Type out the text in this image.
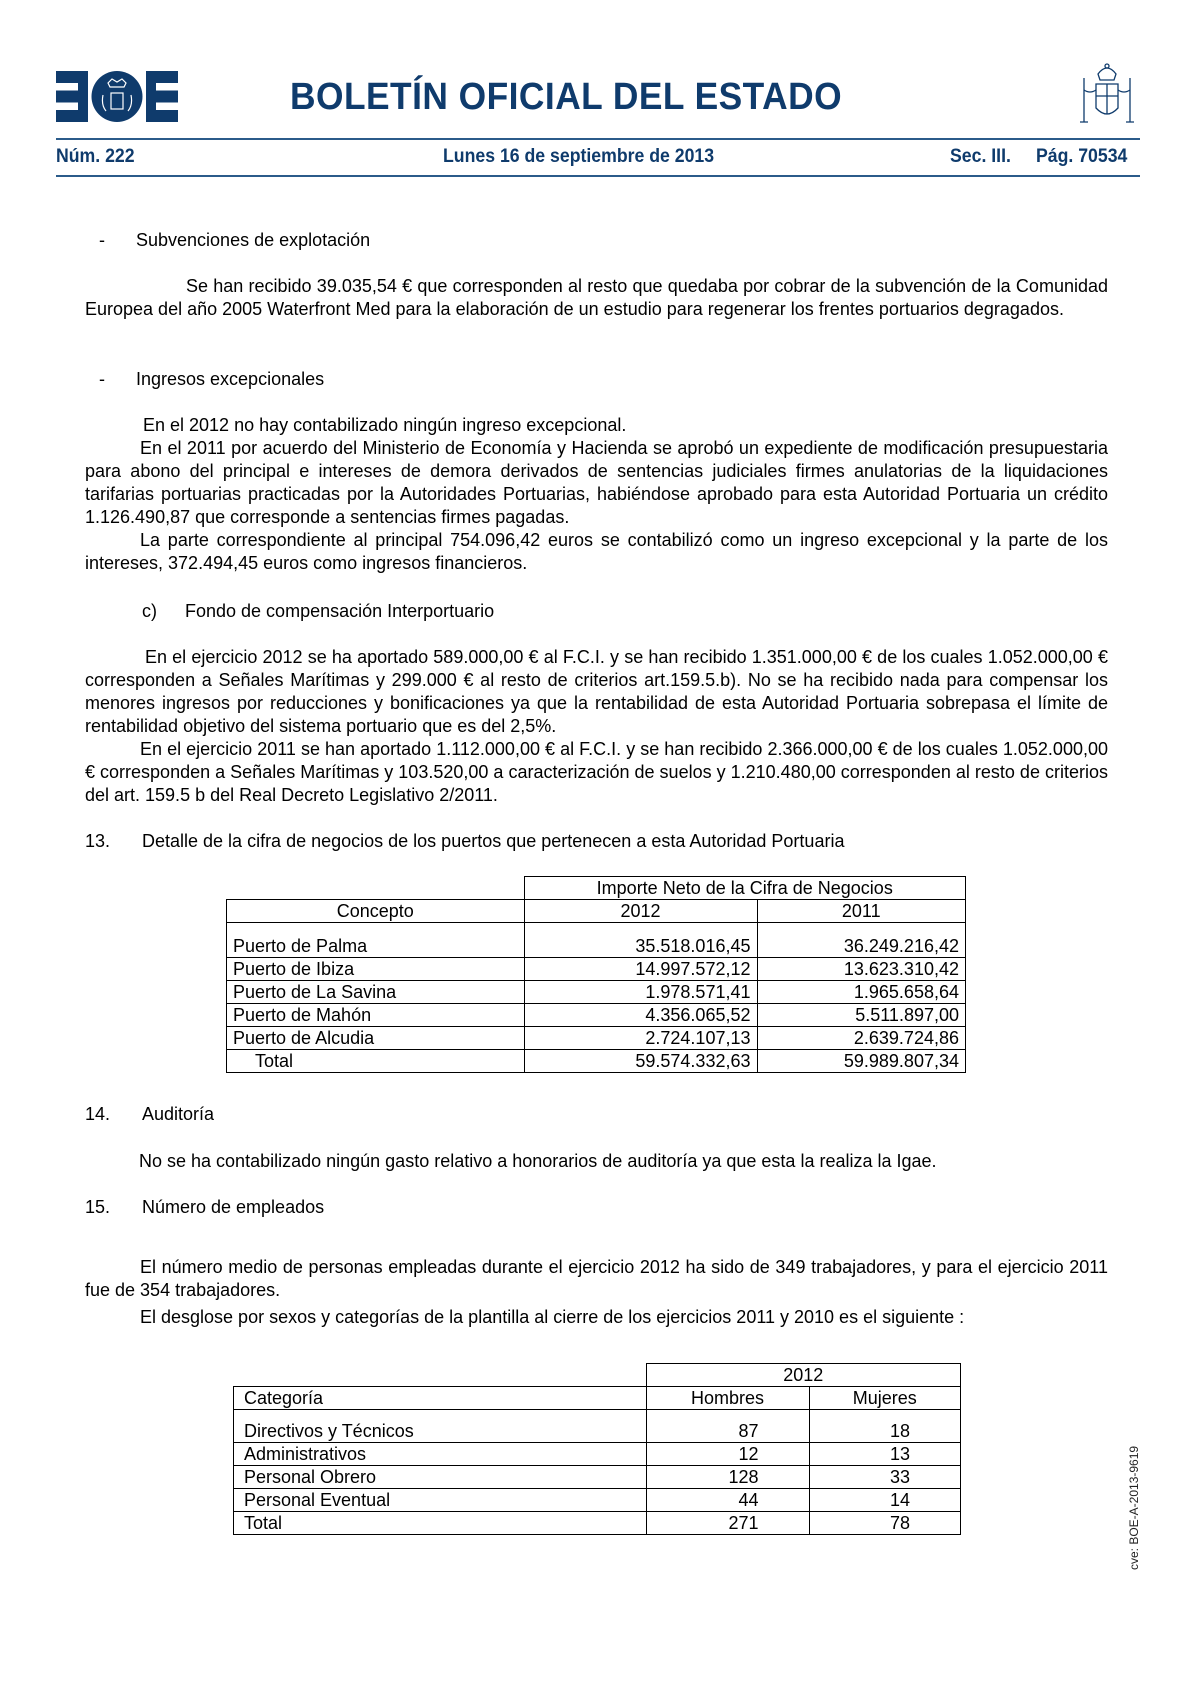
BOLETÍN OFICIAL DEL ESTADO
Núm. 222	Lunes 16 de septiembre de 2013	Sec. III. Pág. 70534
- Subvenciones de explotación

Se han recibido 39.035,54 € que corresponden al resto que quedaba por cobrar de la subvención de la Comunidad Europea del año 2005 Waterfront Med para la elaboración de un estudio para regenerar los frentes portuarios degragados.

- Ingresos excepcionales

En el 2012 no hay contabilizado ningún ingreso excepcional.

En el 2011 por acuerdo del Ministerio de Economía y Hacienda se aprobó un expediente de modificación presupuestaria para abono del principal e intereses de demora derivados de sentencias judiciales firmes anulatorias de la liquidaciones tarifarias portuarias practicadas por la Autoridades Portuarias, habiéndose aprobado para esta Autoridad Portuaria un crédito 1.126.490,87 que corresponde a sentencias firmes pagadas.

La parte correspondiente al principal 754.096,42 euros se contabilizó como un ingreso excepcional y la parte de los intereses, 372.494,45 euros como ingresos financieros.

c) Fondo de compensación Interportuario

En el ejercicio 2012 se ha aportado 589.000,00 € al F.C.I. y se han recibido 1.351.000,00 € de los cuales 1.052.000,00 € corresponden a Señales Marítimas y 299.000 € al resto de criterios art.159.5.b). No se ha recibido nada para compensar los menores ingresos por reducciones y bonificaciones ya que la rentabilidad de esta Autoridad Portuaria sobrepasa el límite de rentabilidad objetivo del sistema portuario que es del 2,5%.

En el ejercicio 2011 se han aportado 1.112.000,00 € al F.C.I. y se han recibido 2.366.000,00 € de los cuales 1.052.000,00 € corresponden a Señales Marítimas y 103.520,00 a caracterización de suelos y 1.210.480,00 corresponden al resto de criterios del art. 159.5 b del Real Decreto Legislativo 2/2011.

13. Detalle de la cifra de negocios de los puertos que pertenecen a esta Autoridad Portuaria
	Importe Neto de la Cifra de Negocios	
Concepto	2012	2011
Puerto de Palma	35.518.016,45	36.249.216,42
Puerto de Ibiza	14.997.572,12	13.623.310,42
Puerto de La Savina	1.978.571,41	1.965.658,64
Puerto de Mahón	4.356.065,52	5.511.897,00
Puerto de Alcudia	2.724.107,13	2.639.724,86
Total	59.574.332,63	59.989.807,34
14. Auditoría
No se ha contabilizado ningún gasto relativo a honorarios de auditoría ya que esta la realiza la Igae.
15. Número de empleados

El número medio de personas empleadas durante el ejercicio 2012 ha sido de 349 trabajadores, y para el ejercicio 2011 fue de 354 trabajadores.

El desglose por sexos y categorías de la plantilla al cierre de los ejercicios 2011 y 2010 es el siguiente :

	2012	
Categoría	Hombres	Mujeres
Directivos y Técnicos	87	18
Administrativos	12	13
Personal Obrero	128	33
Personal Eventual	44	14
Total	271	78	cve: BOE-A-2013-9619
